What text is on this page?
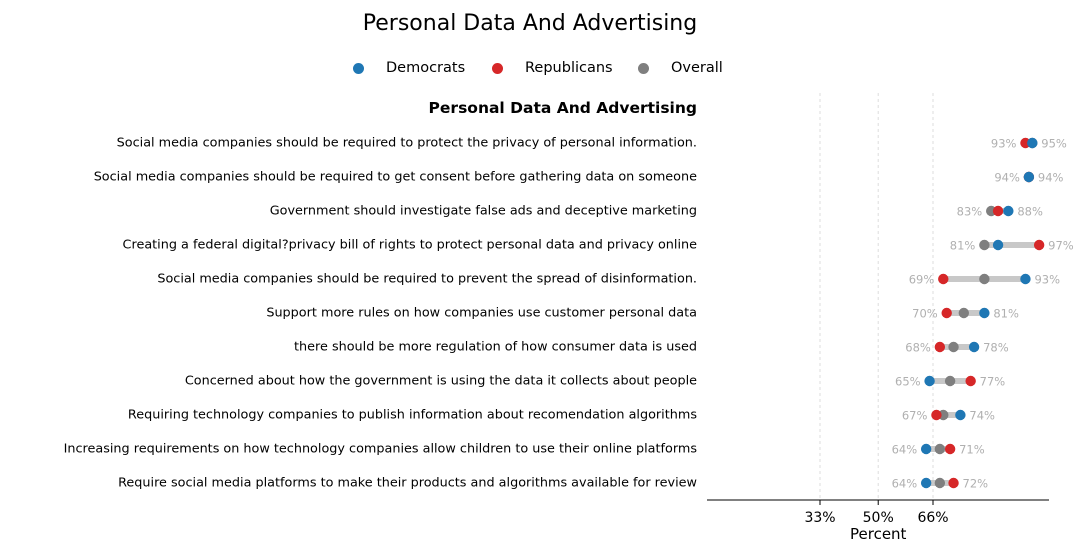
Personal Data And Advertising
Democrats	Republicans	Overall
Personal Data And Advertising
Social media companies should be required to protect the privacy of personal information.
Social media companies should be required to get consent before gathering data on someone
Government should investigate false ads and deceptive marketing
Creating a federal digital?privacy bill of rights to protect personal data and privacy online
Social media companies should be required to prevent the spread of disinformation.
Support more rules on how companies use customer personal data
there should be more regulation of how consumer data is used
Concerned about how the government is using the data it collects about people
Requiring technology companies to publish information about recomendation algorithms
Increasing requirements on how technology companies allow children to use their online platforms
Require social media platforms to make their products and algorithms available for review
33% 50% 66%
93% 95%
94% 94%
83%	88%
81%	97%
69%	93%
70%	81%
68%	78%
65%	77%
67%	74%
64%	71%
64%	72%
Percent
